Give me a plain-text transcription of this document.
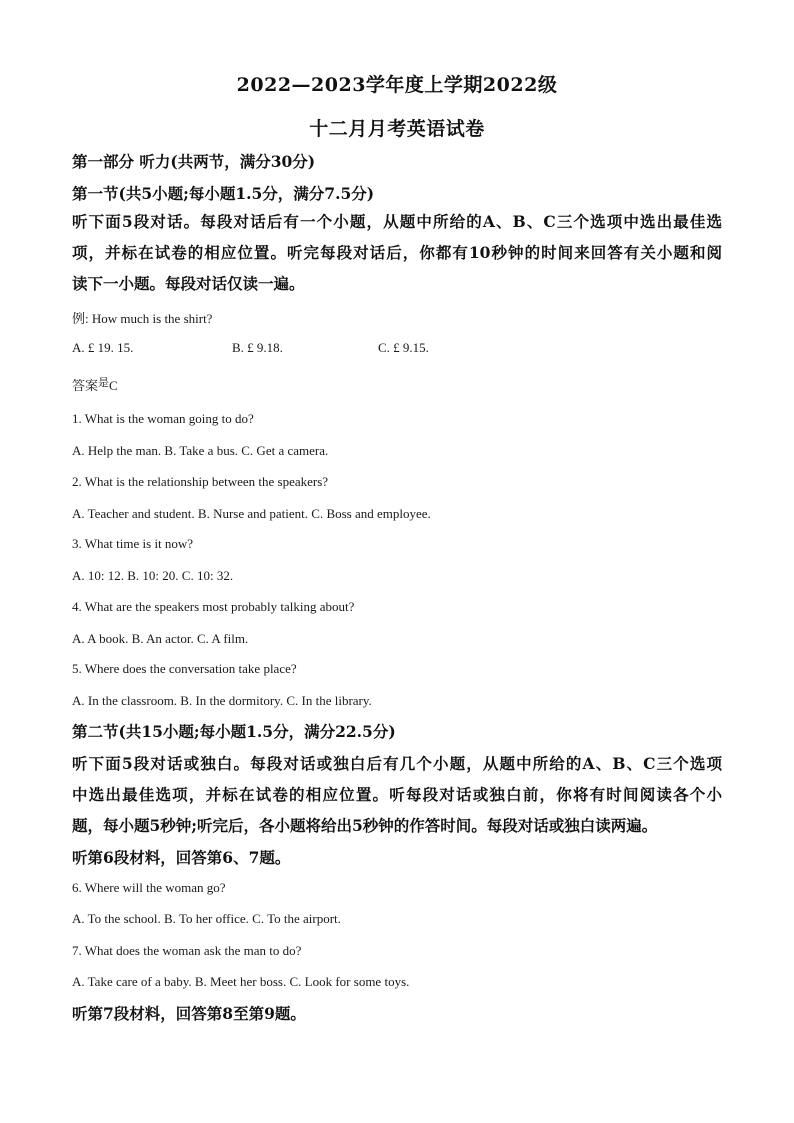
2022—2023学年度上学期2022级
十二月月考英语试卷
第一部分 听力(共两节，满分30分)
第一节(共5小题;每小题1.5分，满分7.5分)
听下面5段对话。每段对话后有一个小题，从题中所给的A、B、C三个选项中选出最佳选
项，并标在试卷的相应位置。听完每段对话后，你都有10秒钟的时间来回答有关小题和阅
读下一小题。每段对话仅读一遍。
例: How much is the shirt?
A. £ 19. 15.	B. £ 9.18.	C. £ 9.15.
答案$^是$C
1. What is the woman going to do?
A. Help the man. B. Take a bus. C. Get a camera.
2. What is the relationship between the speakers?
A. Teacher and student. B. Nurse and patient. C. Boss and employee.
3. What time is it now?
A. 10: 12. B. 10: 20. C. 10: 32.
4. What are the speakers most probably talking about?
A. A book. B. An actor. C. A film.
5. Where does the conversation take place?
A. In the classroom. B. In the dormitory. C. In the library.
第二节(共15小题;每小题1.5分，满分22.5分)
听下面5段对话或独白。每段对话或独白后有几个小题，从题中所给的A、B、C三个选项
中选出最佳选项，并标在试卷的相应位置。听每段对话或独白前，你将有时间阅读各个小
题，每小题5秒钟;听完后，各小题将给出5秒钟的作答时间。每段对话或独白读两遍。
听第6段材料，回答第6、7题。
6. Where will the woman go?
A. To the school. B. To her office. C. To the airport.
7. What does the woman ask the man to do?
A. Take care of a baby. B. Meet her boss. C. Look for some toys.
听第7段材料，回答第8至第9题。
